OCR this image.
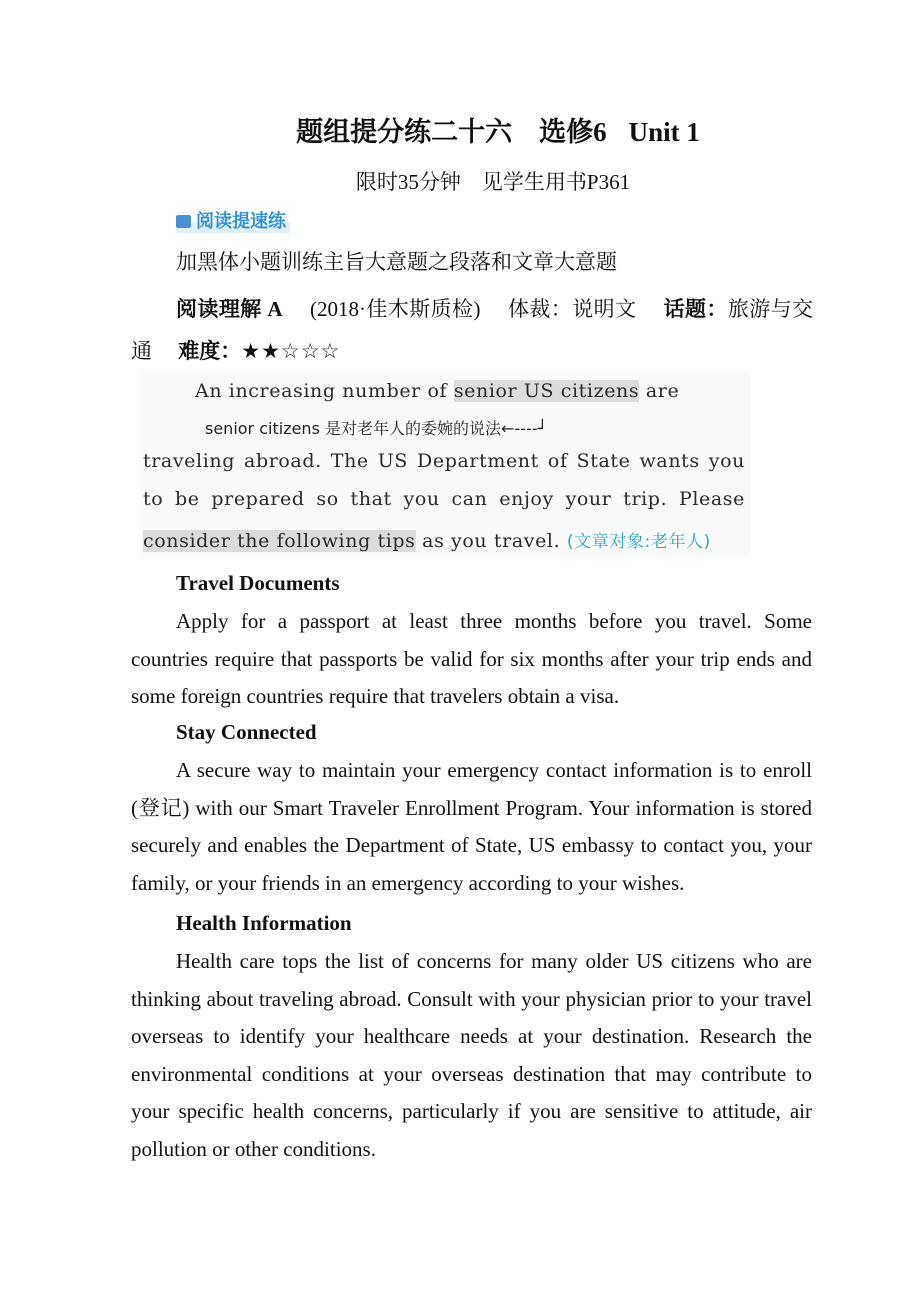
题组提分练二十六　选修6 Unit 1
限时35分钟　见学生用书P361
阅读提速练
加黑体小题训练主旨大意题之段落和文章大意题
阅读理解 A　 (2018·佳木斯质检)　 体裁：说明文　 话题：旅游与交通　 难度：★★☆☆☆
An increasing number of senior US citizens are
traveling abroad. The US Department of State wants you
to be prepared so that you can enjoy your trip. Please
consider the following tips as you travel. (文章对象:老年人)
senior citizens 是对老年人的委婉的说法←----┘
Travel Documents
Apply for a passport at least three months before you travel. Some countries require that passports be valid for six months after your trip ends and some foreign countries require that travelers obtain a visa.
Stay Connected
A secure way to maintain your emergency contact information is to enroll (登记) with our Smart Traveler Enrollment Program. Your information is stored securely and enables the Department of State, US embassy to contact you, your family, or your friends in an emergency according to your wishes.
Health Information
Health care tops the list of concerns for many older US citizens who are thinking about traveling abroad. Consult with your physician prior to your travel overseas to identify your healthcare needs at your destination. Research the environmental conditions at your overseas destination that may contribute to your specific health concerns, particularly if you are sensitive to attitude, air pollution or other conditions.
